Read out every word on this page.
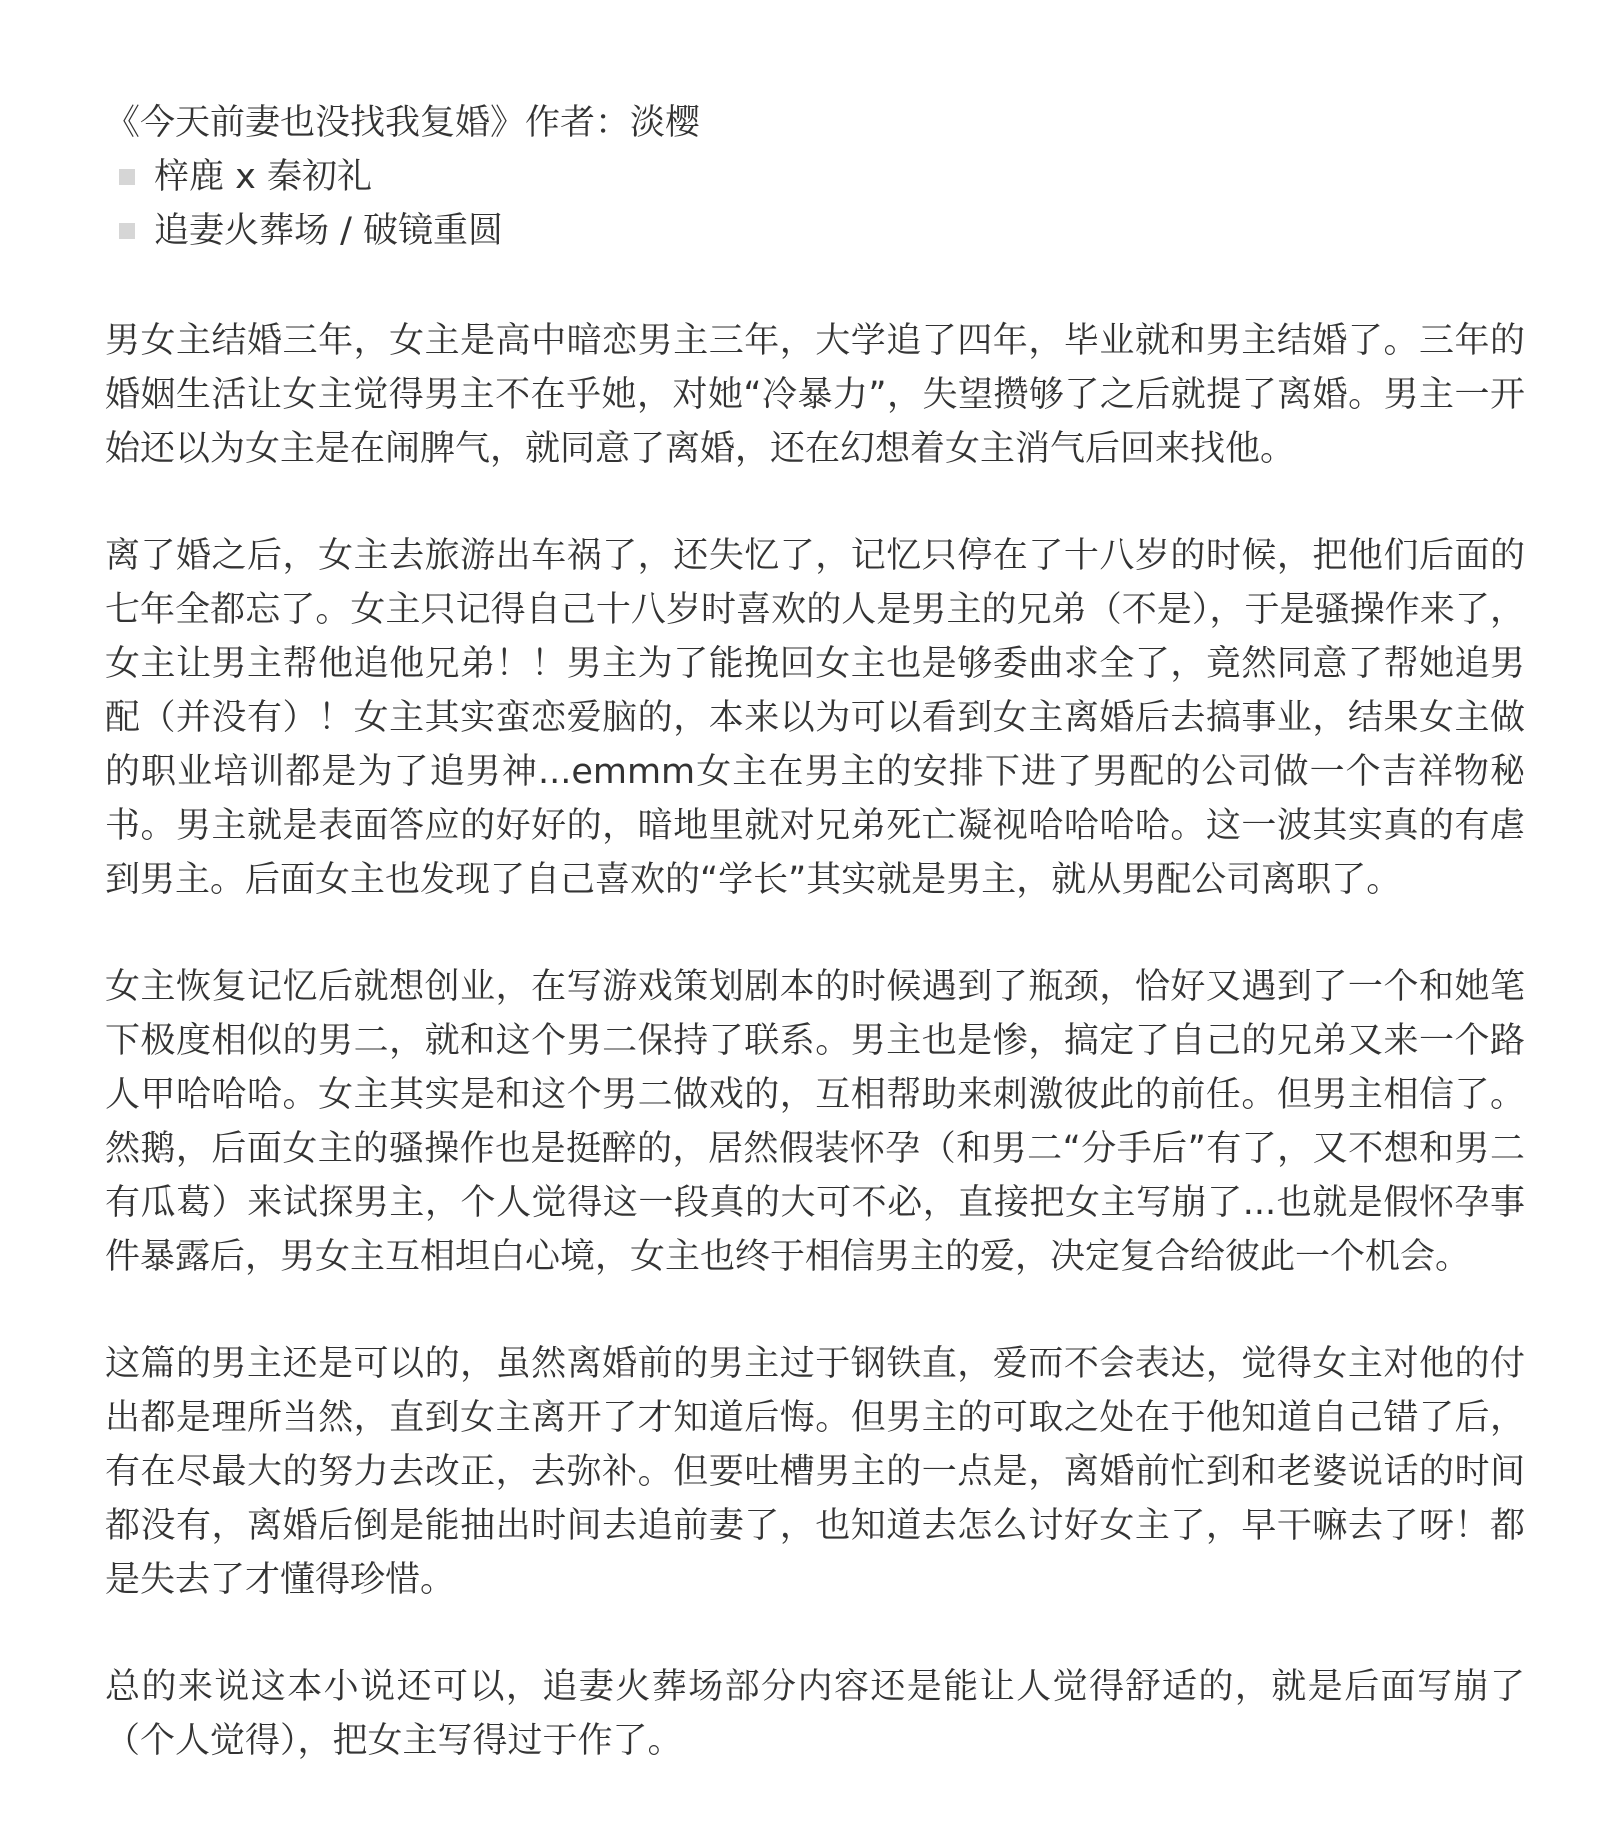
《今天前妻也没找我复婚》作者：淡樱
梓鹿 x 秦初礼
追妻火葬场 / 破镜重圆

男女主结婚三年，女主是高中暗恋男主三年，大学追了四年，毕业就和男主结婚了。三年的婚姻生活让女主觉得男主不在乎她，对她“冷暴力”，失望攒够了之后就提了离婚。男主一开始还以为女主是在闹脾气，就同意了离婚，还在幻想着女主消气后回来找他。

离了婚之后，女主去旅游出车祸了，还失忆了，记忆只停在了十八岁的时候，把他们后面的七年全都忘了。女主只记得自己十八岁时喜欢的人是男主的兄弟（不是），于是骚操作来了，女主让男主帮他追他兄弟！！男主为了能挽回女主也是够委曲求全了，竟然同意了帮她追男配（并没有）！女主其实蛮恋爱脑的，本来以为可以看到女主离婚后去搞事业，结果女主做的职业培训都是为了追男神...emmm女主在男主的安排下进了男配的公司做一个吉祥物秘书。男主就是表面答应的好好的，暗地里就对兄弟死亡凝视哈哈哈哈。这一波其实真的有虐到男主。后面女主也发现了自己喜欢的“学长”其实就是男主，就从男配公司离职了。

女主恢复记忆后就想创业，在写游戏策划剧本的时候遇到了瓶颈，恰好又遇到了一个和她笔下极度相似的男二，就和这个男二保持了联系。男主也是惨，搞定了自己的兄弟又来一个路人甲哈哈哈。女主其实是和这个男二做戏的，互相帮助来刺激彼此的前任。但男主相信了。然鹅，后面女主的骚操作也是挺醉的，居然假装怀孕（和男二“分手后”有了，又不想和男二有瓜葛）来试探男主，个人觉得这一段真的大可不必，直接把女主写崩了...也就是假怀孕事件暴露后，男女主互相坦白心境，女主也终于相信男主的爱，决定复合给彼此一个机会。

这篇的男主还是可以的，虽然离婚前的男主过于钢铁直，爱而不会表达，觉得女主对他的付出都是理所当然，直到女主离开了才知道后悔。但男主的可取之处在于他知道自己错了后，有在尽最大的努力去改正，去弥补。但要吐槽男主的一点是，离婚前忙到和老婆说话的时间都没有，离婚后倒是能抽出时间去追前妻了，也知道去怎么讨好女主了，早干嘛去了呀！都是失去了才懂得珍惜。

总的来说这本小说还可以，追妻火葬场部分内容还是能让人觉得舒适的，就是后面写崩了（个人觉得），把女主写得过于作了。
